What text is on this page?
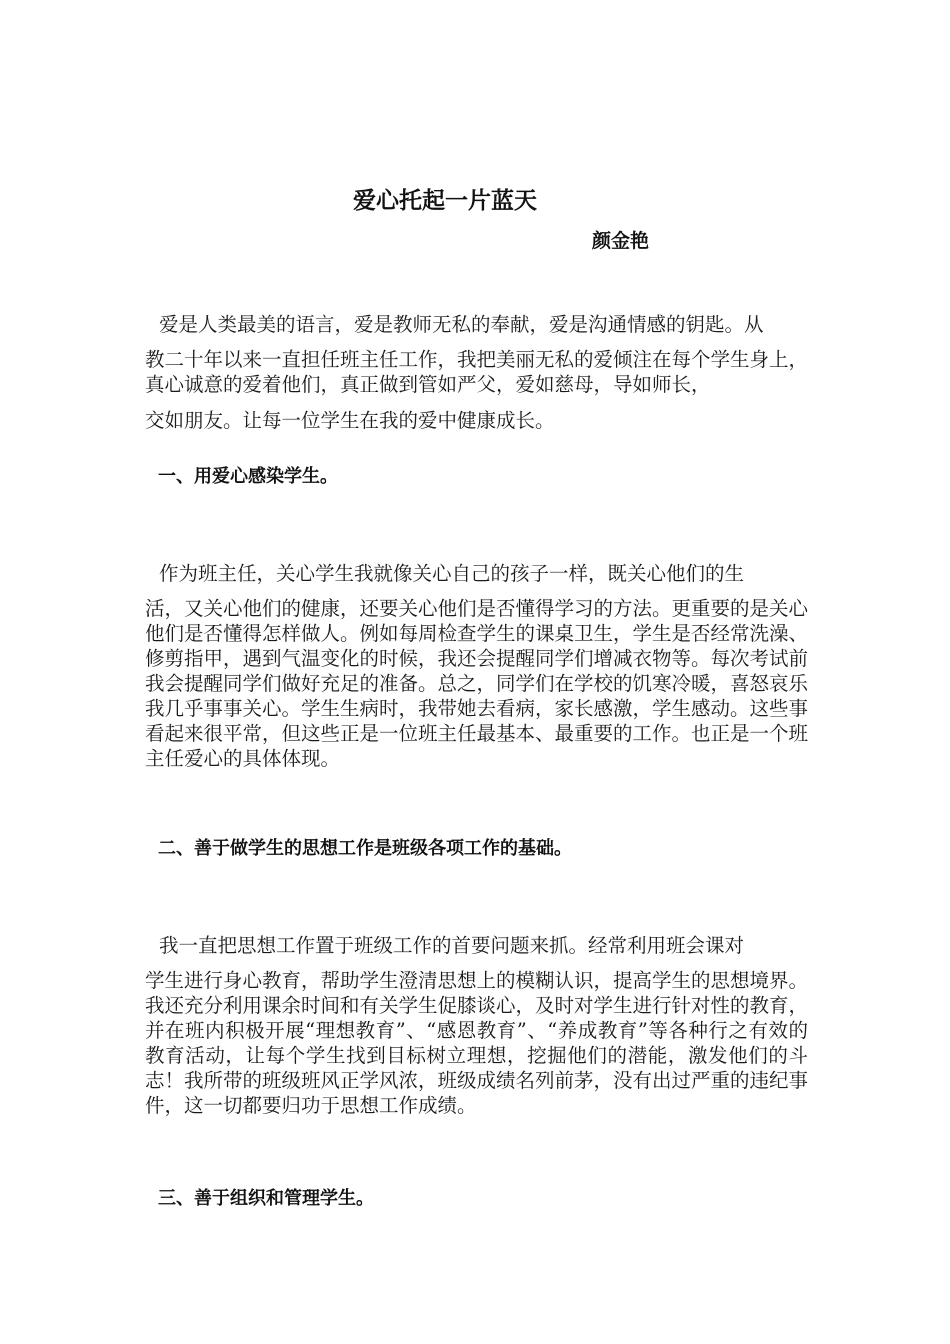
爱心托起一片蓝天
颜金艳
爱是人类最美的语言，爱是教师无私的奉献，爱是沟通情感的钥匙。从
教二十年以来一直担任班主任工作，我把美丽无私的爱倾注在每个学生身上，真心诚意的爱着他们，真正做到管如严父，爱如慈母，导如师长，
交如朋友。让每一位学生在我的爱中健康成长。
一、用爱心感染学生。
作为班主任，关心学生我就像关心自己的孩子一样，既关心他们的生
活，又关心他们的健康，还要关心他们是否懂得学习的方法。更重要的是关心他们是否懂得怎样做人。例如每周检查学生的课桌卫生，学生是否经常洗澡、修剪指甲，遇到气温变化的时候，我还会提醒同学们增减衣物等。每次考试前我会提醒同学们做好充足的准备。总之，同学们在学校的饥寒冷暖，喜怒哀乐我几乎事事关心。学生生病时，我带她去看病，家长感激，学生感动。这些事看起来很平常，但这些正是一位班主任最基本、最重要的工作。也正是一个班主任爱心的具体体现。
二、善于做学生的思想工作是班级各项工作的基础。
我一直把思想工作置于班级工作的首要问题来抓。经常利用班会课对
学生进行身心教育，帮助学生澄清思想上的模糊认识，提高学生的思想境界。我还充分利用课余时间和有关学生促膝谈心，及时对学生进行针对性的教育，并在班内积极开展“理想教育”、“感恩教育”、“养成教育”等各种行之有效的教育活动，让每个学生找到目标树立理想，挖掘他们的潜能，激发他们的斗志！我所带的班级班风正学风浓，班级成绩名列前茅，没有出过严重的违纪事件，这一切都要归功于思想工作成绩。
三、善于组织和管理学生。
